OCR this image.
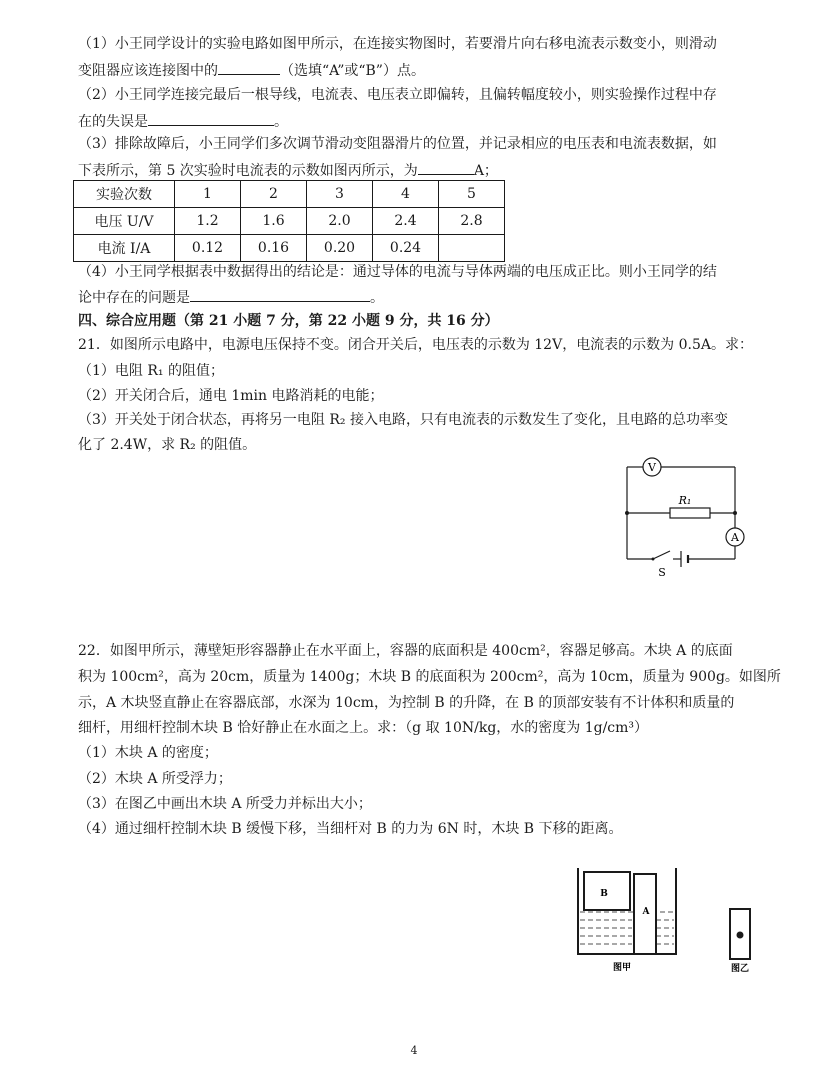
（1）小王同学设计的实验电路如图甲所示，在连接实物图时，若要滑片向右移电流表示数变小，则滑动
变阻器应该连接图中的	（选填“A”或“B”）点。
（2）小王同学连接完最后一根导线，电流表、电压表立即偏转，且偏转幅度较小，则实验操作过程中存
在的失误是	。
（3）排除故障后，小王同学们多次调节滑动变阻器滑片的位置，并记录相应的电压表和电流表数据，如
下表所示，第 5 次实验时电流表的示数如图丙所示，为	A；
实验次数	1	2	3	4	5
电压 U/V	1.2	1.6	2.0	2.4	2.8
电流 I/A	0.12	0.16	0.20	0.24	
（4）小王同学根据表中数据得出的结论是：通过导体的电流与导体两端的电压成正比。则小王同学的结
论中存在的问题是	。
四、综合应用题（第 21 小题 7 分，第 22 小题 9 分，共 16 分）
21．如图所示电路中，电源电压保持不变。闭合开关后，电压表的示数为 12V，电流表的示数为 0.5A。求：
（1）电阻 R₁ 的阻值；
（2）开关闭合后，通电 1min 电路消耗的电能；
（3）开关处于闭合状态，再将另一电阻 R₂ 接入电路，只有电流表的示数发生了变化，且电路的总功率变
化了 2.4W，求 R₂ 的阻值。
V
R₁
A
S
22．如图甲所示，薄壁矩形容器静止在水平面上，容器的底面积是 400cm²，容器足够高。木块 A 的底面
积为 100cm²，高为 20cm，质量为 1400g；木块 B 的底面积为 200cm²，高为 10cm，质量为 900g。如图所
示，A 木块竖直静止在容器底部，水深为 10cm，为控制 B 的升降，在 B 的顶部安装有不计体积和质量的
细杆，用细杆控制木块 B 恰好静止在水面之上。求：（g 取 10N/kg，水的密度为 1g/cm³）
（1）木块 A 的密度；
（2）木块 A 所受浮力；
（3）在图乙中画出木块 A 所受力并标出大小；
（4）通过细杆控制木块 B 缓慢下移，当细杆对 B 的力为 6N 时，木块 B 下移的距离。
B
A
图甲	图乙
4
